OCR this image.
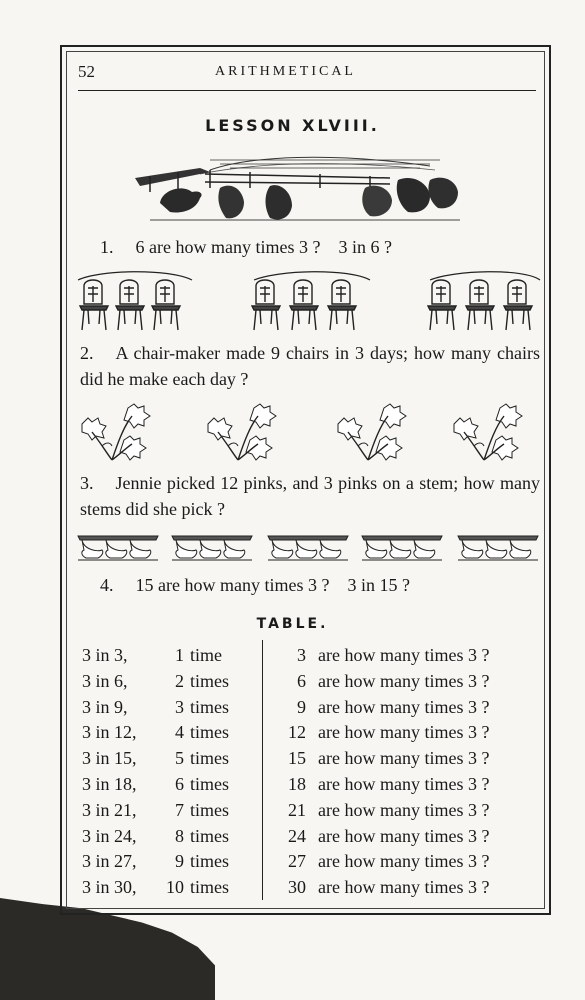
52	ARITHMETICAL
LESSON XLVIII.
1. 6 are how many times 3 ? 3 in 6 ?
2. A chair-maker made 9 chairs in 3 days; how many chairs did he make each day ?
3. Jennie picked 12 pinks, and 3 pinks on a stem; how many stems did she pick ?
4. 15 are how many times 3 ? 3 in 15 ?
TABLE.
3 in 3,	1 time	3 are how many times 3 ?
3 in 6,	2 times	6 are how many times 3 ?
3 in 9,	3 times	9 are how many times 3 ?
3 in 12,	4 times	12 are how many times 3 ?
3 in 15,	5 times	15 are how many times 3 ?
3 in 18,	6 times	18 are how many times 3 ?
3 in 21,	7 times	21 are how many times 3 ?
3 in 24,	8 times	24 are how many times 3 ?
3 in 27,	9 times	27 are how many times 3 ?
3 in 30,	10 times	30 are how many times 3 ?
